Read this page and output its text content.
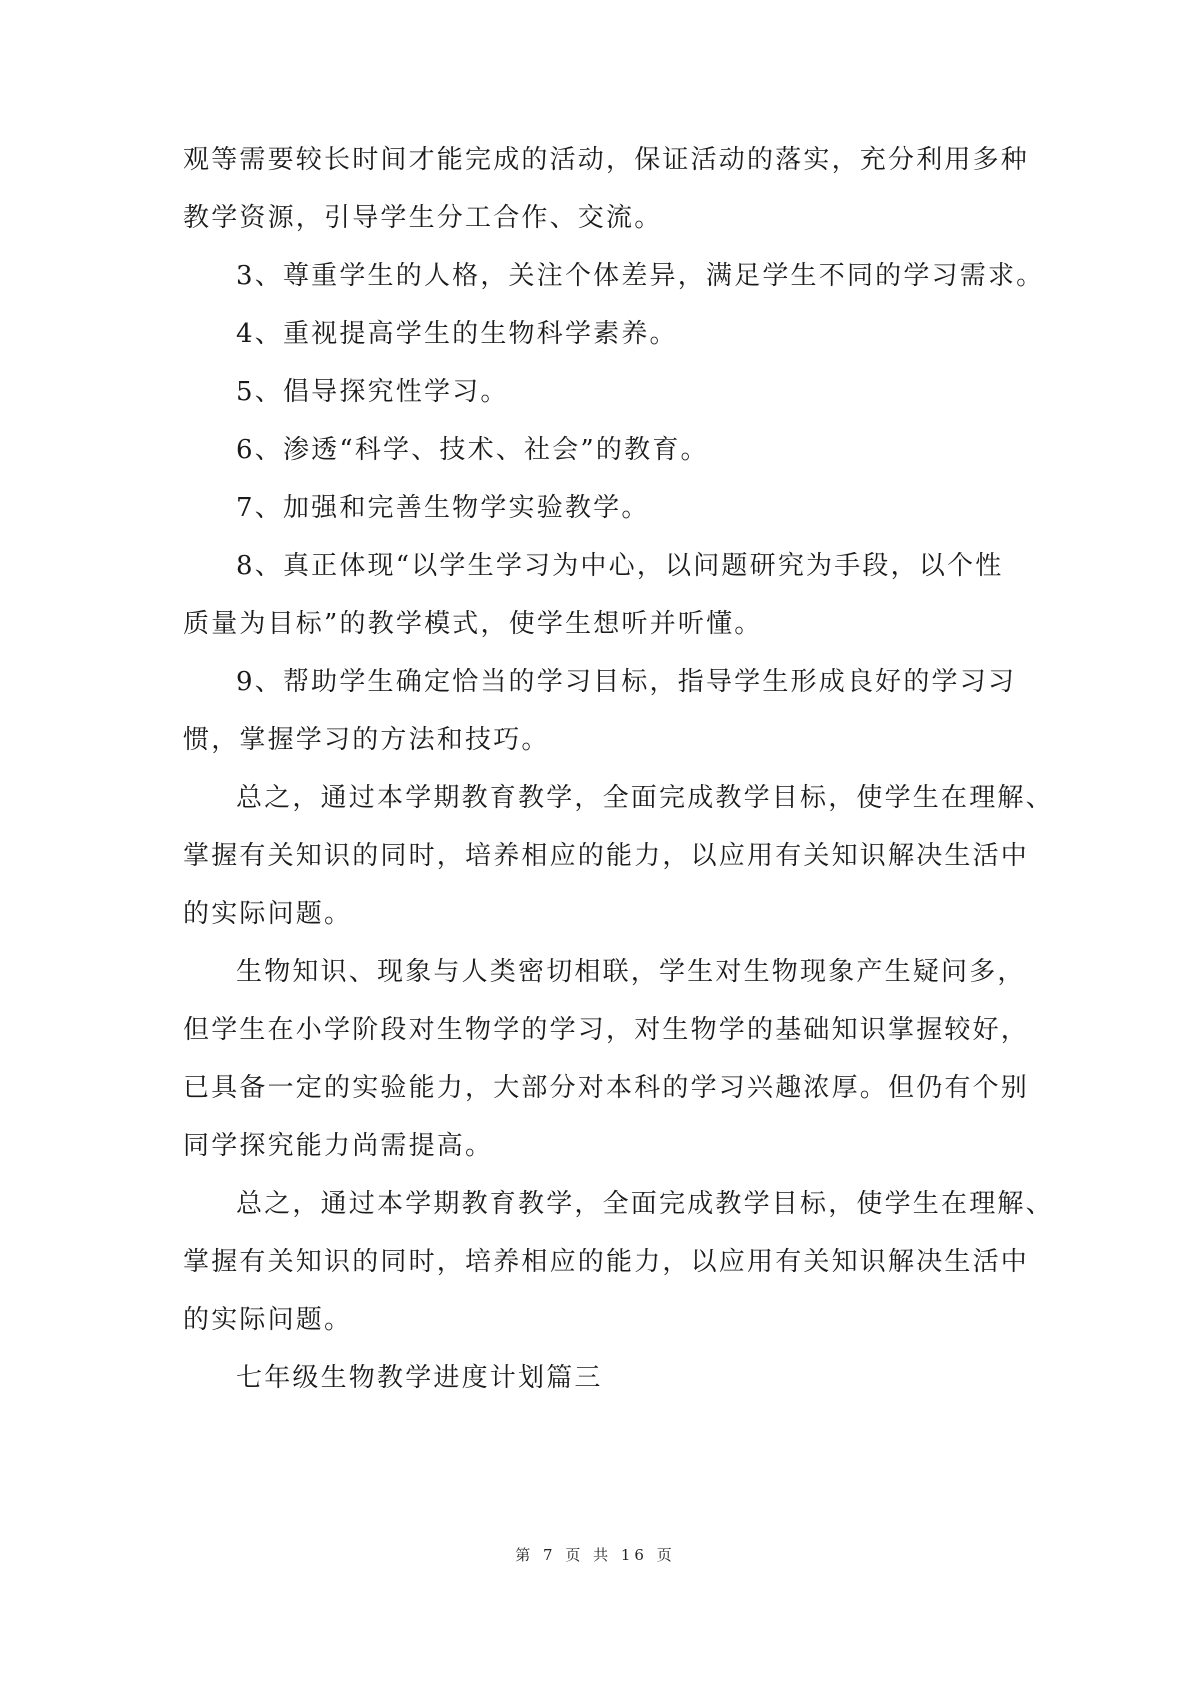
观等需要较长时间才能完成的活动，保证活动的落实，充分利用多种
教学资源，引导学生分工合作、交流。
3、尊重学生的人格，关注个体差异，满足学生不同的学习需求。
4、重视提高学生的生物科学素养。
5、倡导探究性学习。
6、渗透“科学、技术、社会”的教育。
7、加强和完善生物学实验教学。
8、真正体现“以学生学习为中心，以问题研究为手段，以个性
质量为目标”的教学模式，使学生想听并听懂。
9、帮助学生确定恰当的学习目标，指导学生形成良好的学习习
惯，掌握学习的方法和技巧。
总之，通过本学期教育教学，全面完成教学目标，使学生在理解、
掌握有关知识的同时，培养相应的能力，以应用有关知识解决生活中
的实际问题。
生物知识、现象与人类密切相联，学生对生物现象产生疑问多，
但学生在小学阶段对生物学的学习，对生物学的基础知识掌握较好，
已具备一定的实验能力，大部分对本科的学习兴趣浓厚。但仍有个别
同学探究能力尚需提高。
总之，通过本学期教育教学，全面完成教学目标，使学生在理解、
掌握有关知识的同时，培养相应的能力，以应用有关知识解决生活中
的实际问题。
七年级生物教学进度计划篇三
第 7 页 共 16 页
